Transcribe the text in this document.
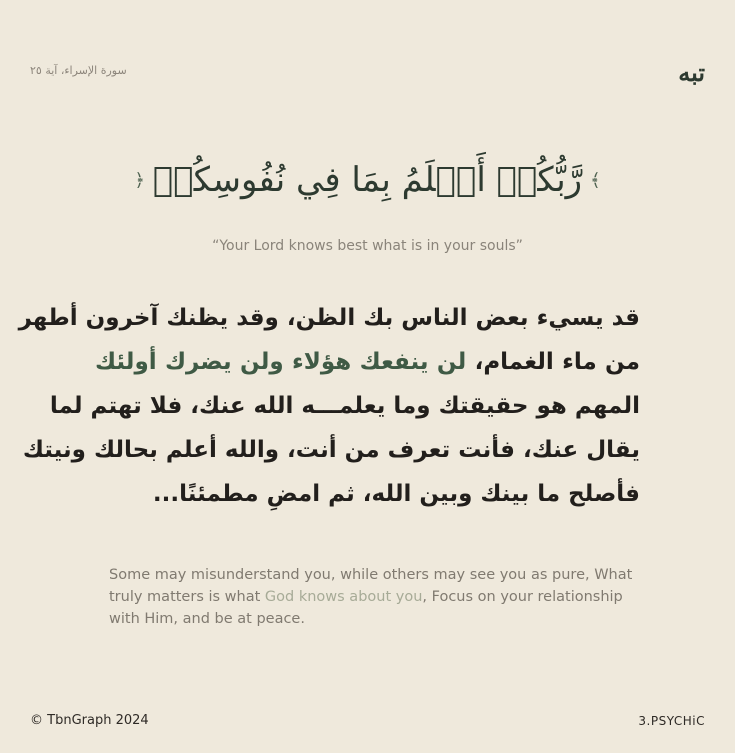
سورة الإسراء، آية ٢٥	تبه
﴾
رَّبُّكُمۡ أَعۡلَمُ بِمَا فِي نُفُوسِكُمۡ
﴿
“Your Lord knows best what is in your souls”
قد يسيء بعض الناس بك الظن، وقد يظنك آخرون أطهر
من ماء الغمام، لن ينفعك هؤلاء ولن يضرك أولئك
المهم هو حقيقتك وما يعلمـــه الله عنك، فلا تهتم لما
يقال عنك، فأنت تعرف من أنت، والله أعلم بحالك ونيتك
فأصلح ما بينك وبين الله، ثم امضِ مطمئنًا...
Some may misunderstand you, while others may see you as pure, What truly matters is what God knows about you, Focus on your relationship with Him, and be at peace.
© TbnGraph 2024	3.PSYCHiC
